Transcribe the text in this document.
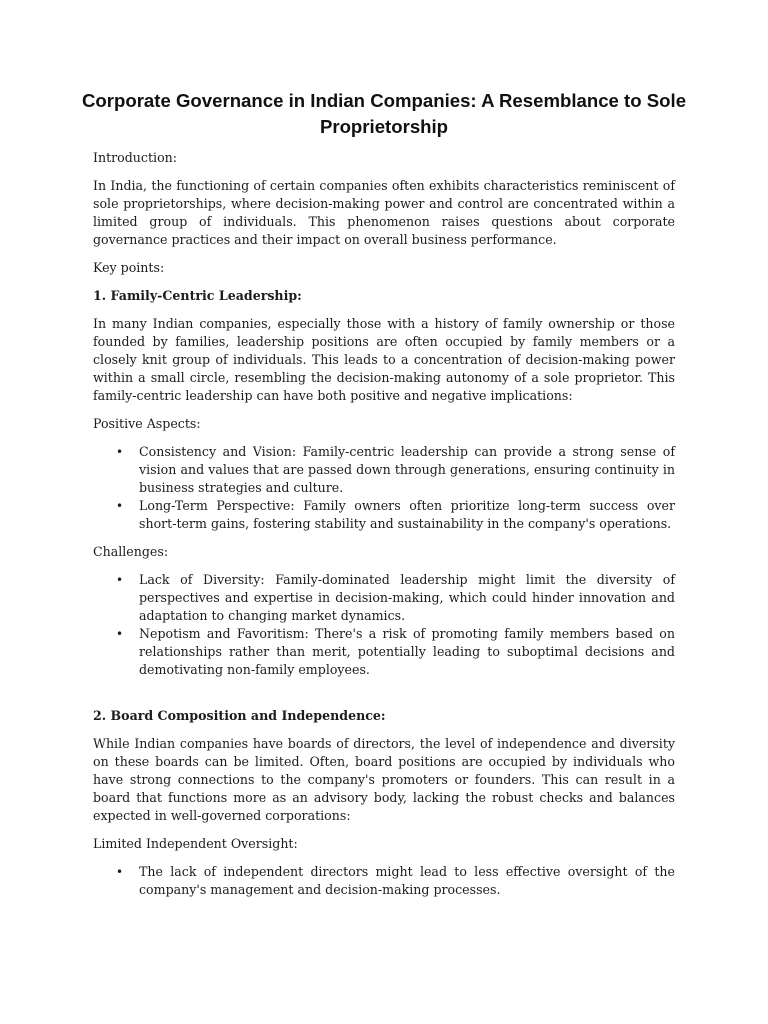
Corporate Governance in Indian Companies: A Resemblance to Sole Proprietorship

Introduction:

In India, the functioning of certain companies often exhibits characteristics reminiscent of sole proprietorships, where decision-making power and control are concentrated within a limited group of individuals. This phenomenon raises questions about corporate governance practices and their impact on overall business performance.

Key points:

1. Family-Centric Leadership:

In many Indian companies, especially those with a history of family ownership or those founded by families, leadership positions are often occupied by family members or a closely knit group of individuals. This leads to a concentration of decision-making power within a small circle, resembling the decision-making autonomy of a sole proprietor. This family-centric leadership can have both positive and negative implications:

Positive Aspects:

• Consistency and Vision: Family-centric leadership can provide a strong sense of vision and values that are passed down through generations, ensuring continuity in business strategies and culture.
• Long-Term Perspective: Family owners often prioritize long-term success over short-term gains, fostering stability and sustainability in the company's operations.

Challenges:

• Lack of Diversity: Family-dominated leadership might limit the diversity of perspectives and expertise in decision-making, which could hinder innovation and adaptation to changing market dynamics.
• Nepotism and Favoritism: There's a risk of promoting family members based on relationships rather than merit, potentially leading to suboptimal decisions and demotivating non-family employees.

2. Board Composition and Independence:

While Indian companies have boards of directors, the level of independence and diversity on these boards can be limited. Often, board positions are occupied by individuals who have strong connections to the company's promoters or founders. This can result in a board that functions more as an advisory body, lacking the robust checks and balances expected in well-governed corporations:

Limited Independent Oversight:

• The lack of independent directors might lead to less effective oversight of the company's management and decision-making processes.
